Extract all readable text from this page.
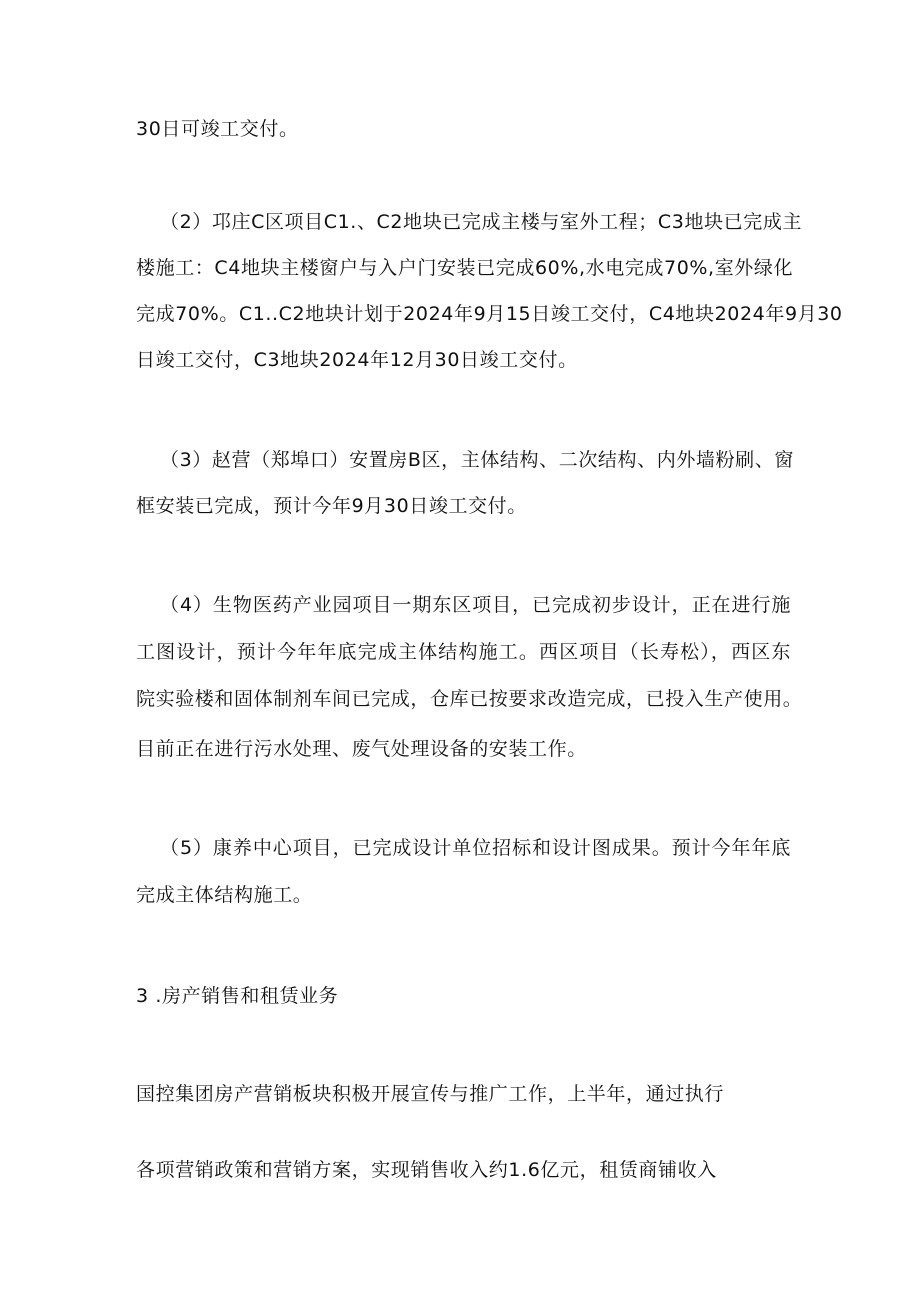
30日可竣工交付。

（2）邛庄C区项目C1.、C2地块已完成主楼与室外工程；C3地块已完成主
楼施工：C4地块主楼窗户与入户门安装已完成60%,水电完成70%,室外绿化
完成70%。C1..C2地块计划于2024年9月15日竣工交付，C4地块2024年9月30

日竣工交付，C3地块2024年12月30日竣工交付。

（3）赵营（郑埠口）安置房B区，主体结构、二次结构、内外墙粉刷、窗

框安装已完成，预计今年9月30日竣工交付。

（4）生物医药产业园项目一期东区项目，已完成初步设计，正在进行施
工图设计，预计今年年底完成主体结构施工。西区项目（长寿松），西区东
院实验楼和固体制剂车间已完成，仓库已按要求改造完成，已投入生产使用。

目前正在进行污水处理、废气处理设备的安装工作。

（5）康养中心项目，已完成设计单位招标和设计图成果。预计今年年底

完成主体结构施工。

3 .房产销售和租赁业务

国控集团房产营销板块积极开展宣传与推广工作，上半年，通过执行

各项营销政策和营销方案，实现销售收入约1.6亿元，租赁商铺收入
